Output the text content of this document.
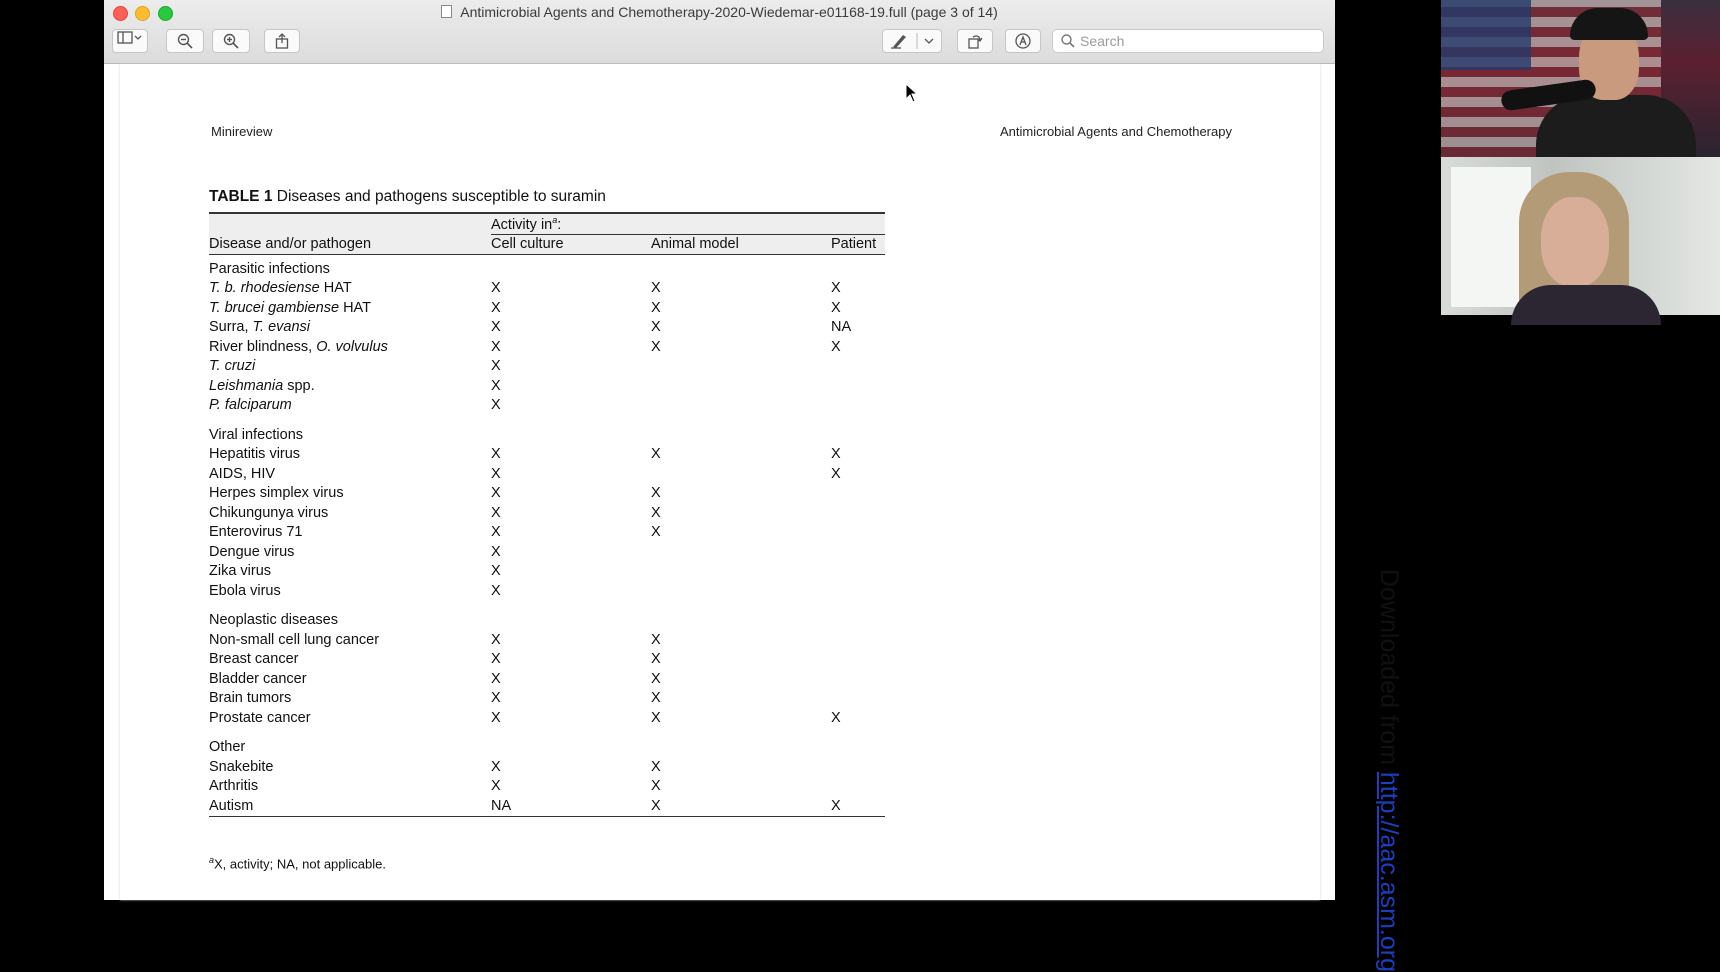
Antimicrobial Agents and Chemotherapy-2020-Wiedemar-e01168-19.full (page 3 of 14)
Search
Minireview	Antimicrobial Agents and Chemotherapy
TABLE 1 Diseases and pathogens susceptible to suramin
	Activity $in^a$:		
Disease and/or pathogen	Cell culture	Animal model	Patient
Parasitic infections			
T. b. rhodesiense HAT	X	X	X
T. brucei gambiense HAT	X	X	X
Surra, T. evansi	X	X	NA
River blindness, O. volvulus	X	X	X
T. cruzi	X		
Leishmania spp.	X		
P. falciparum	X		
Viral infections			
Hepatitis virus	X	X	X
AIDS, HIV	X		X
Herpes simplex virus	X	X	
Chikungunya virus	X	X	
Enterovirus 71	X	X	
Dengue virus	X		
Zika virus	X		
Ebola virus	X		
Neoplastic diseases			
Non-small cell lung cancer	X	X	
Breast cancer	X	X	
Bladder cancer	X	X	
Brain tumors	X	X	
Prostate cancer	X	X	X
Other			
Snakebite	X	X	
Arthritis	X	X	
Autism	NA	X	X
$^a$X, activity; NA, not applicable.
Downloaded from http://aac.asm.org
